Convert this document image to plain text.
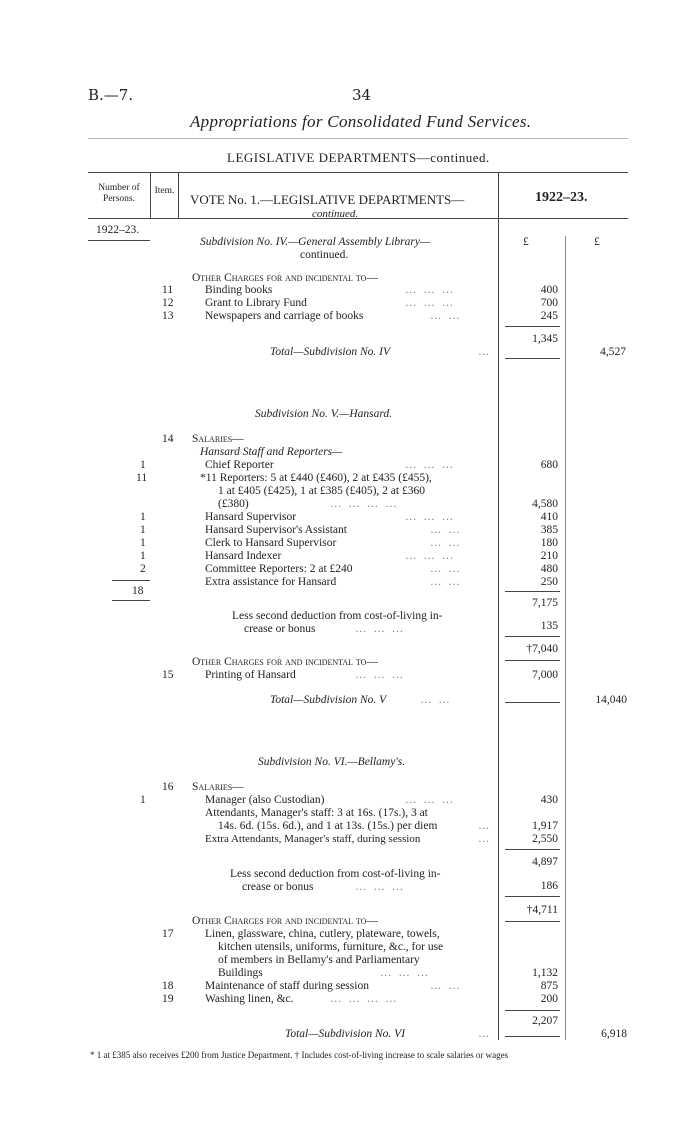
B.—7.	34
Appropriations for Consolidated Fund Services.
LEGISLATIVE DEPARTMENTS—continued.
Number of Persons.
Item.
VOTE No. 1.—LEGISLATIVE DEPARTMENTS—
continued.
1922–23.
1922–23.
Subdivision No. IV.—General Assembly Library—
continued.
£	£
Other Charges for and incidental to—
11	Binding books	… … …	400
12	Grant to Library Fund	… … …	700
13	Newspapers and carriage of books	… …	245
1,345
Total—Subdivision No. IV	…	4,527
Subdivision No. V.—Hansard.
14 Salaries—
Hansard Staff and Reporters—
1	Chief Reporter	… … …	680
11	*11 Reporters: 5 at £440 (£460), 2 at £435 (£455),
1 at £405 (£425), 1 at £385 (£405), 2 at £360
(£380)	… … … …	4,580
1	Hansard Supervisor	… … …	410
1	Hansard Supervisor's Assistant	… …	385
1	Clerk to Hansard Supervisor	… …	180
1	Hansard Indexer	… … …	210
2	Committee Reporters: 2 at £240	… …	480
Extra assistance for Hansard	… …	250
18
7,175
Less second deduction from cost-of-living in-
crease or bonus	… … …	135
†7,040
Other Charges for and incidental to—
15	Printing of Hansard	… … …	7,000
Total—Subdivision No. V	… …	14,040
Subdivision No. VI.—Bellamy's.
16 Salaries—
1	Manager (also Custodian)	… … …	430
Attendants, Manager's staff: 3 at 16s. (17s.), 3 at
14s. 6d. (15s. 6d.), and 1 at 13s. (15s.) per diem	…	1,917
Extra Attendants, Manager's staff, during session	…	2,550
4,897
Less second deduction from cost-of-living in-
crease or bonus	… … …	186
†4,711
Other Charges for and incidental to—
17	Linen, glassware, china, cutlery, plateware, towels,
kitchen utensils, uniforms, furniture, &c., for use
of members in Bellamy's and Parliamentary
Buildings	… … …	1,132
18	Maintenance of staff during session	… …	875
19	Washing linen, &c.	… … … …	200
2,207
Total—Subdivision No. VI	…	6,918
* 1 at £385 also receives £200 from Justice Department. † Includes cost-of-living increase to scale salaries or wages
